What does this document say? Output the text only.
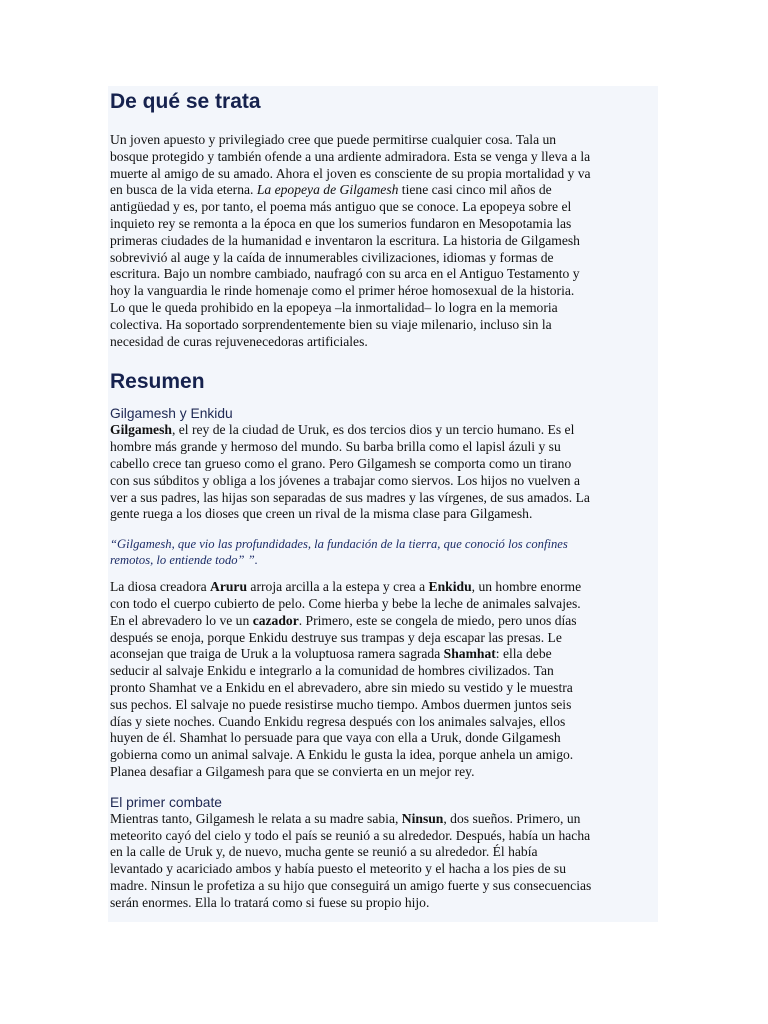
De qué se trata

Un joven apuesto y privilegiado cree que puede permitirse cualquier cosa. Tala un
bosque protegido y también ofende a una ardiente admiradora. Esta se venga y lleva a la
muerte al amigo de su amado. Ahora el joven es consciente de su propia mortalidad y va
en busca de la vida eterna. La epopeya de Gilgamesh tiene casi cinco mil años de
antigüedad y es, por tanto, el poema más antiguo que se conoce. La epopeya sobre el
inquieto rey se remonta a la época en que los sumerios fundaron en Mesopotamia las
primeras ciudades de la humanidad e inventaron la escritura. La historia de Gilgamesh
sobrevivió al auge y la caída de innumerables civilizaciones, idiomas y formas de
escritura. Bajo un nombre cambiado, naufragó con su arca en el Antiguo Testamento y
hoy la vanguardia le rinde homenaje como el primer héroe homosexual de la historia.
Lo que le queda prohibido en la epopeya –la inmortalidad– lo logra en la memoria
colectiva. Ha soportado sorprendentemente bien su viaje milenario, incluso sin la
necesidad de curas rejuvenecedoras artificiales.

Resumen
Gilgamesh y Enkidu

Gilgamesh, el rey de la ciudad de Uruk, es dos tercios dios y un tercio humano. Es el
hombre más grande y hermoso del mundo. Su barba brilla como el lapisl ázuli y su
cabello crece tan grueso como el grano. Pero Gilgamesh se comporta como un tirano
con sus súbditos y obliga a los jóvenes a trabajar como siervos. Los hijos no vuelven a
ver a sus padres, las hijas son separadas de sus madres y las vírgenes, de sus amados. La
gente ruega a los dioses que creen un rival de la misma clase para Gilgamesh.

“Gilgamesh, que vio las profundidades, la fundación de la tierra, que conoció los confines
remotos, lo entiende todo” ”.

La diosa creadora Aruru arroja arcilla a la estepa y crea a Enkidu, un hombre enorme
con todo el cuerpo cubierto de pelo. Come hierba y bebe la leche de animales salvajes.
En el abrevadero lo ve un cazador. Primero, este se congela de miedo, pero unos días
después se enoja, porque Enkidu destruye sus trampas y deja escapar las presas. Le
aconsejan que traiga de Uruk a la voluptuosa ramera sagrada Shamhat: ella debe
seducir al salvaje Enkidu e integrarlo a la comunidad de hombres civilizados. Tan
pronto Shamhat ve a Enkidu en el abrevadero, abre sin miedo su vestido y le muestra
sus pechos. El salvaje no puede resistirse mucho tiempo. Ambos duermen juntos seis
días y siete noches. Cuando Enkidu regresa después con los animales salvajes, ellos
huyen de él. Shamhat lo persuade para que vaya con ella a Uruk, donde Gilgamesh
gobierna como un animal salvaje. A Enkidu le gusta la idea, porque anhela un amigo.
Planea desafiar a Gilgamesh para que se convierta en un mejor rey.

El primer combate

Mientras tanto, Gilgamesh le relata a su madre sabia, Ninsun, dos sueños. Primero, un
meteorito cayó del cielo y todo el país se reunió a su alrededor. Después, había un hacha
en la calle de Uruk y, de nuevo, mucha gente se reunió a su alrededor. Él había
levantado y acariciado ambos y había puesto el meteorito y el hacha a los pies de su
madre. Ninsun le profetiza a su hijo que conseguirá un amigo fuerte y sus consecuencias
serán enormes. Ella lo tratará como si fuese su propio hijo.
